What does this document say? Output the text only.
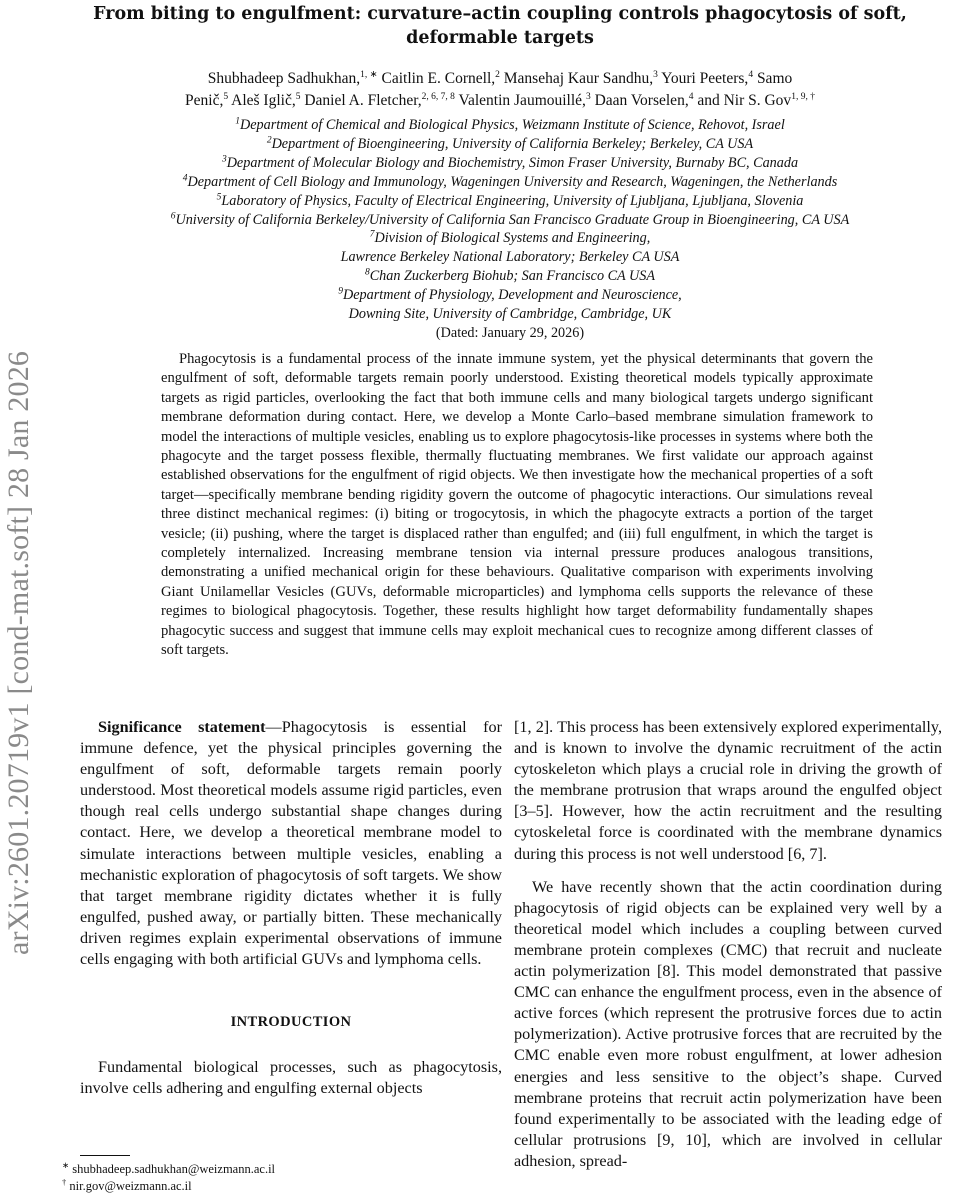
arXiv:2601.20719v1 [cond-mat.soft] 28 Jan 2026
From biting to engulfment: curvature–actin coupling controls phagocytosis of soft, deformable targets
Shubhadeep Sadhukhan,$^{1, ∗}$ Caitlin E. Cornell,$^2$ Mansehaj Kaur Sandhu,$^3$ Youri Peeters,$^4$ Samo
Penič,$^5$ Aleš Iglič,$^5$ Daniel A. Fletcher,$^{2, 6, 7, 8}$ Valentin Jaumouillé,$^3$ Daan Vorselen,$^4$ and Nir S. Gov$^{1, 9, \dagger}$
$^1$Department of Chemical and Biological Physics, Weizmann Institute of Science, Rehovot, Israel
$^2$Department of Bioengineering, University of California Berkeley; Berkeley, CA USA
$^3$Department of Molecular Biology and Biochemistry, Simon Fraser University, Burnaby BC, Canada
$^4$Department of Cell Biology and Immunology, Wageningen University and Research, Wageningen, the Netherlands
$^5$Laboratory of Physics, Faculty of Electrical Engineering, University of Ljubljana, Ljubljana, Slovenia
$^6$University of California Berkeley/University of California San Francisco Graduate Group in Bioengineering, CA USA
$^7$Division of Biological Systems and Engineering,
Lawrence Berkeley National Laboratory; Berkeley CA USA
$^8$Chan Zuckerberg Biohub; San Francisco CA USA
$^9$Department of Physiology, Development and Neuroscience,
Downing Site, University of Cambridge, Cambridge, UK
(Dated: January 29, 2026)

Phagocytosis is a fundamental process of the innate immune system, yet the physical determinants that govern the engulfment of soft, deformable targets remain poorly understood. Existing theoretical models typically approximate targets as rigid particles, overlooking the fact that both immune cells and many biological targets undergo significant membrane deformation during contact. Here, we develop a Monte Carlo–based membrane simulation framework to model the interactions of multiple vesicles, enabling us to explore phagocytosis-like processes in systems where both the phagocyte and the target possess flexible, thermally fluctuating membranes. We first validate our approach against established observations for the engulfment of rigid objects. We then investigate how the mechanical properties of a soft target—specifically membrane bending rigidity govern the outcome of phagocytic interactions. Our simulations reveal three distinct mechanical regimes: (i) biting or trogocytosis, in which the phagocyte extracts a portion of the target vesicle; (ii) pushing, where the target is displaced rather than engulfed; and (iii) full engulfment, in which the target is completely internalized. Increasing membrane tension via internal pressure produces analogous transitions, demonstrating a unified mechanical origin for these behaviours. Qualitative comparison with experiments involving Giant Unilamellar Vesicles (GUVs, deformable microparticles) and lymphoma cells supports the relevance of these regimes to biological phagocytosis. Together, these results highlight how target deformability fundamentally shapes phagocytic success and suggest that immune cells may exploit mechanical cues to recognize among different classes of soft targets.

Significance statement—Phagocytosis is essential for immune defence, yet the physical principles governing the engulfment of soft, deformable targets remain poorly understood. Most theoretical models assume rigid particles, even though real cells undergo substantial shape changes during contact. Here, we develop a theoretical membrane model to simulate interactions between multiple vesicles, enabling a mechanistic exploration of phagocytosis of soft targets. We show that target membrane rigidity dictates whether it is fully engulfed, pushed away, or partially bitten. These mechanically driven regimes explain experimental observations of immune cells engaging with both artificial GUVs and lymphoma cells.

INTRODUCTION

Fundamental biological processes, such as phagocytosis, involve cells adhering and engulfing external objects

[1, 2]. This process has been extensively explored experimentally, and is known to involve the dynamic recruitment of the actin cytoskeleton which plays a crucial role in driving the growth of the membrane protrusion that wraps around the engulfed object [3–5]. However, how the actin recruitment and the resulting cytoskeletal force is coordinated with the membrane dynamics during this process is not well understood [6, 7].

We have recently shown that the actin coordination during phagocytosis of rigid objects can be explained very well by a theoretical model which includes a coupling between curved membrane protein complexes (CMC) that recruit and nucleate actin polymerization [8]. This model demonstrated that passive CMC can enhance the engulfment process, even in the absence of active forces (which represent the protrusive forces due to actin polymerization). Active protrusive forces that are recruited by the CMC enable even more robust engulfment, at lower adhesion energies and less sensitive to the object’s shape. Curved membrane proteins that recruit actin polymerization have been found experimentally to be associated with the leading edge of cellular protrusions [9, 10], which are involved in cellular adhesion, spread-

∗ shubhadeep.sadhukhan@weizmann.ac.il
† nir.gov@weizmann.ac.il
